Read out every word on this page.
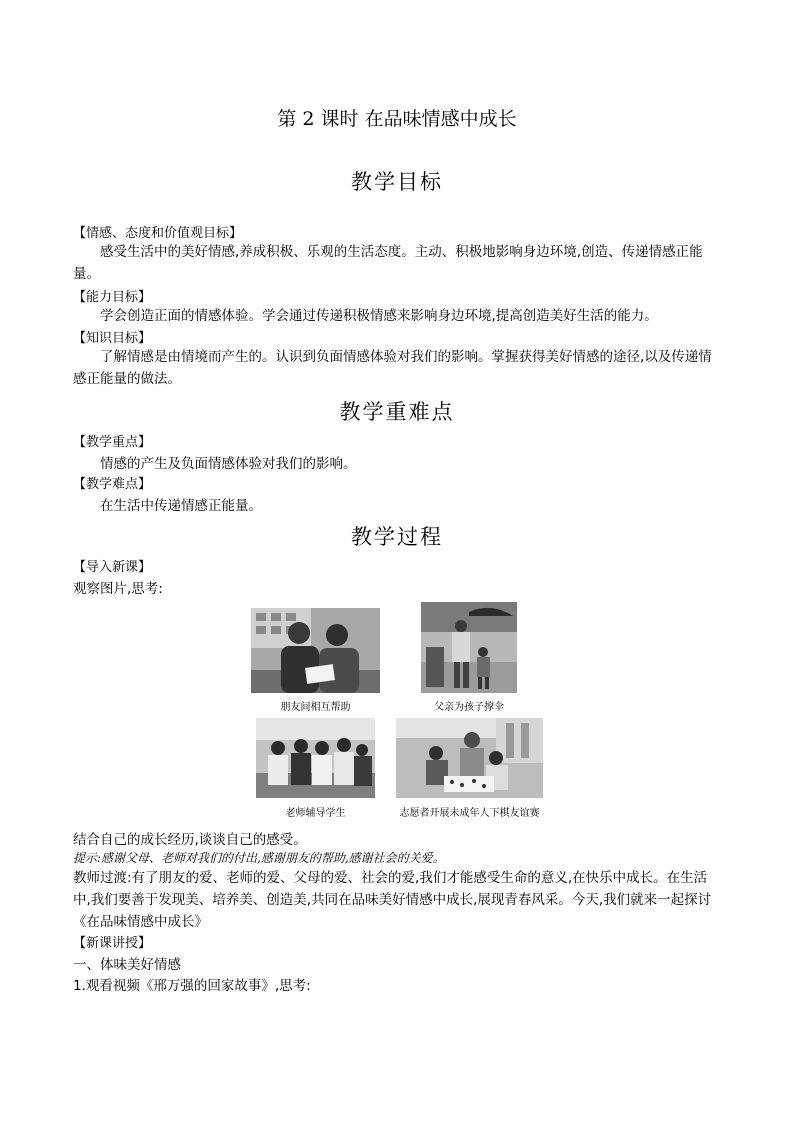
第 2 课时 在品味情感中成长
教学目标
【情感、态度和价值观目标】
感受生活中的美好情感,养成积极、乐观的生活态度。主动、积极地影响身边环境,创造、传递情感正能量。
【能力目标】
学会创造正面的情感体验。学会通过传递积极情感来影响身边环境,提高创造美好生活的能力。
【知识目标】
了解情感是由情境而产生的。认识到负面情感体验对我们的影响。掌握获得美好情感的途径,以及传递情感正能量的做法。
教学重难点
【教学重点】
情感的产生及负面情感体验对我们的影响。
【教学难点】
在生活中传递情感正能量。
教学过程
【导入新课】
观察图片,思考:
朋友间相互帮助	父亲为孩子撑伞
老师辅导学生	志愿者开展未成年人下棋友谊赛
结合自己的成长经历,谈谈自己的感受。
提示:感谢父母、老师对我们的付出,感谢朋友的帮助,感谢社会的关爱。
教师过渡:有了朋友的爱、老师的爱、父母的爱、社会的爱,我们才能感受生命的意义,在快乐中成长。在生活中,我们要善于发现美、培养美、创造美,共同在品味美好情感中成长,展现青春风采。今天,我们就来一起探讨《在品味情感中成长》
【新课讲授】
一、体味美好情感
1.观看视频《邢万强的回家故事》,思考:
